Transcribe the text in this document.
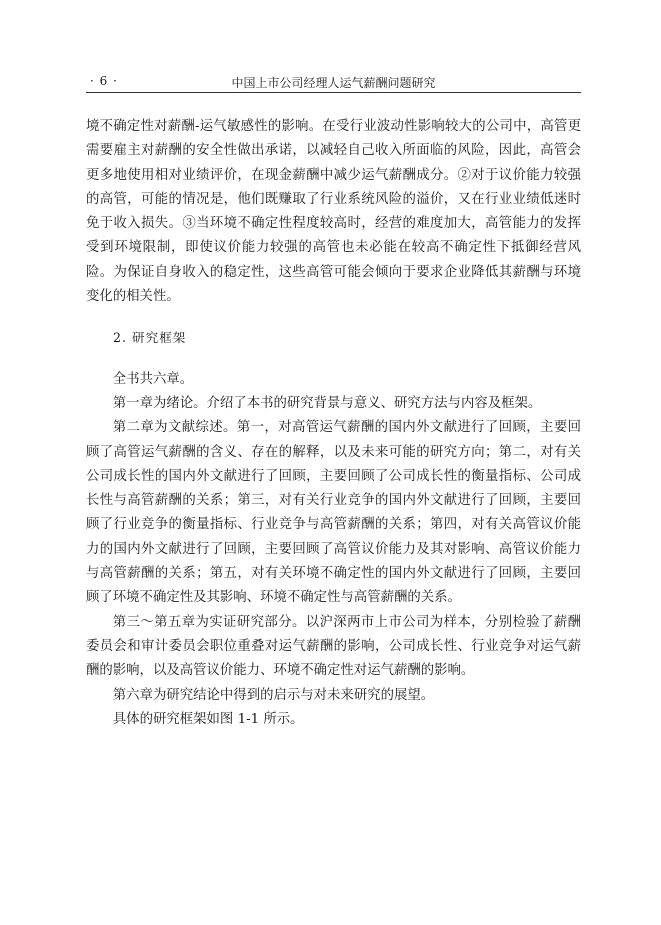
· 6 ·	中国上市公司经理人运气薪酬问题研究

境不确定性对薪酬-运气敏感性的影响。在受行业波动性影响较大的公司中，高管更需要雇主对薪酬的安全性做出承诺，以减轻自己收入所面临的风险，因此，高管会更多地使用相对业绩评价，在现金薪酬中减少运气薪酬成分。②对于议价能力较强的高管，可能的情况是，他们既赚取了行业系统风险的溢价，又在行业业绩低迷时免于收入损失。③当环境不确定性程度较高时，经营的难度加大，高管能力的发挥受到环境限制，即使议价能力较强的高管也未必能在较高不确定性下抵御经营风险。为保证自身收入的稳定性，这些高管可能会倾向于要求企业降低其薪酬与环境变化的相关性。

2. 研究框架

全书共六章。

第一章为绪论。介绍了本书的研究背景与意义、研究方法与内容及框架。

第二章为文献综述。第一，对高管运气薪酬的国内外文献进行了回顾，主要回顾了高管运气薪酬的含义、存在的解释，以及未来可能的研究方向；第二，对有关公司成长性的国内外文献进行了回顾，主要回顾了公司成长性的衡量指标、公司成长性与高管薪酬的关系；第三，对有关行业竞争的国内外文献进行了回顾，主要回顾了行业竞争的衡量指标、行业竞争与高管薪酬的关系；第四，对有关高管议价能力的国内外文献进行了回顾，主要回顾了高管议价能力及其对影响、高管议价能力与高管薪酬的关系；第五，对有关环境不确定性的国内外文献进行了回顾，主要回顾了环境不确定性及其影响、环境不确定性与高管薪酬的关系。

第三～第五章为实证研究部分。以沪深两市上市公司为样本，分别检验了薪酬委员会和审计委员会职位重叠对运气薪酬的影响，公司成长性、行业竞争对运气薪酬的影响，以及高管议价能力、环境不确定性对运气薪酬的影响。

第六章为研究结论中得到的启示与对未来研究的展望。

具体的研究框架如图 1-1 所示。
